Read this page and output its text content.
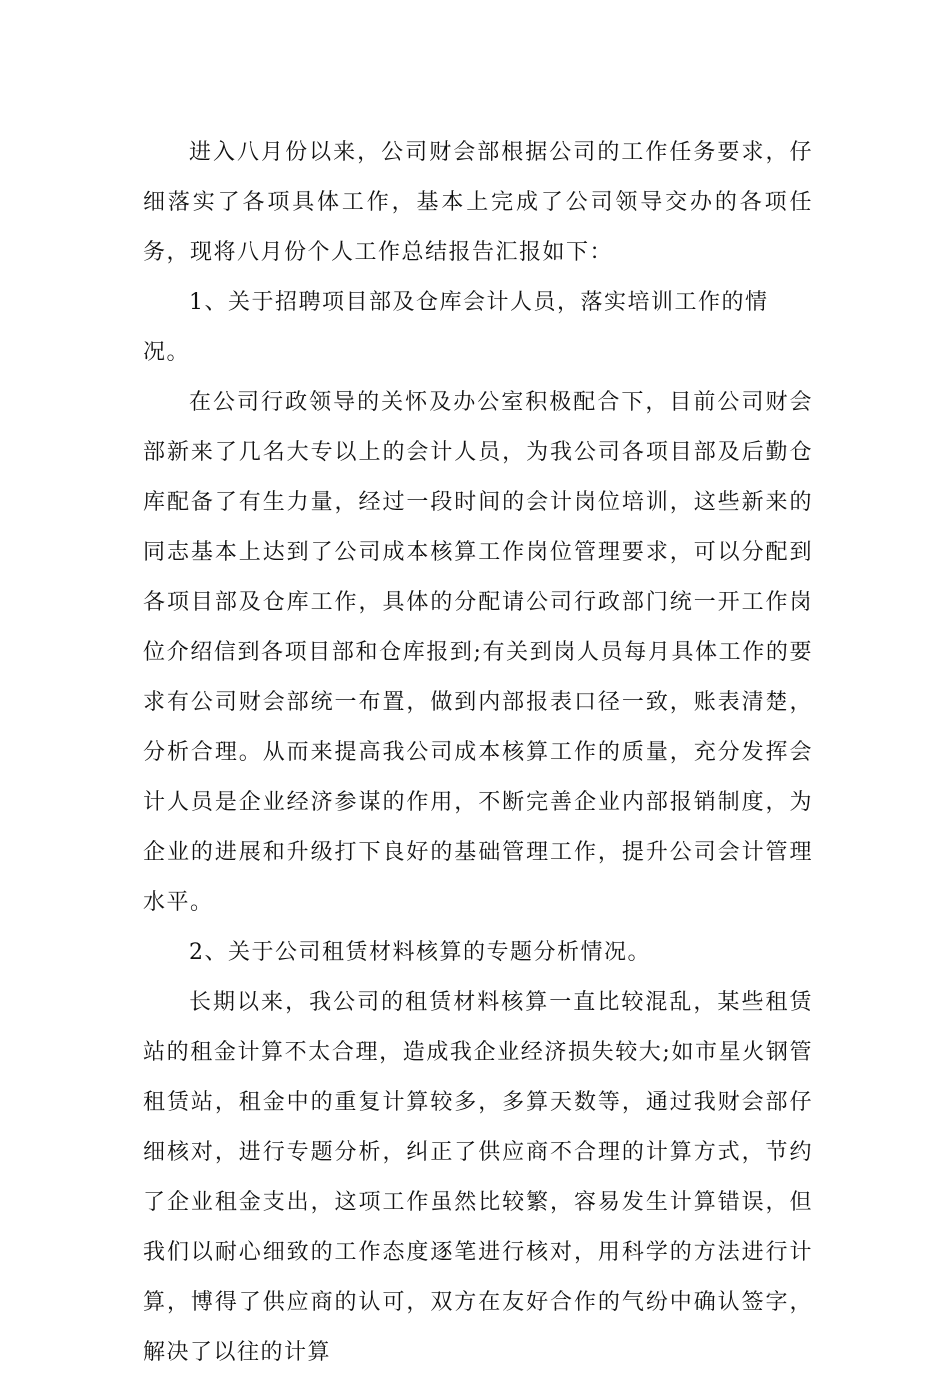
进入八月份以来，公司财会部根据公司的工作任务要求，仔细落实了各项具体工作，基本上完成了公司领导交办的各项任务，现将八月份个人工作总结报告汇报如下：

1、关于招聘项目部及仓库会计人员，落实培训工作的情况。

在公司行政领导的关怀及办公室积极配合下，目前公司财会部新来了几名大专以上的会计人员，为我公司各项目部及后勤仓库配备了有生力量，经过一段时间的会计岗位培训，这些新来的同志基本上达到了公司成本核算工作岗位管理要求，可以分配到各项目部及仓库工作，具体的分配请公司行政部门统一开工作岗位介绍信到各项目部和仓库报到;有关到岗人员每月具体工作的要求有公司财会部统一布置，做到内部报表口径一致，账表清楚，分析合理。从而来提高我公司成本核算工作的质量，充分发挥会计人员是企业经济参谋的作用，不断完善企业内部报销制度，为企业的进展和升级打下良好的基础管理工作，提升公司会计管理水平。

2、关于公司租赁材料核算的专题分析情况。

长期以来，我公司的租赁材料核算一直比较混乱，某些租赁站的租金计算不太合理，造成我企业经济损失较大;如市星火钢管租赁站，租金中的重复计算较多，多算天数等，通过我财会部仔细核对，进行专题分析，纠正了供应商不合理的计算方式，节约了企业租金支出，这项工作虽然比较繁，容易发生计算错误，但我们以耐心细致的工作态度逐笔进行核对，用科学的方法进行计算，博得了供应商的认可，双方在友好合作的气纷中确认签字，解决了以往的计算
